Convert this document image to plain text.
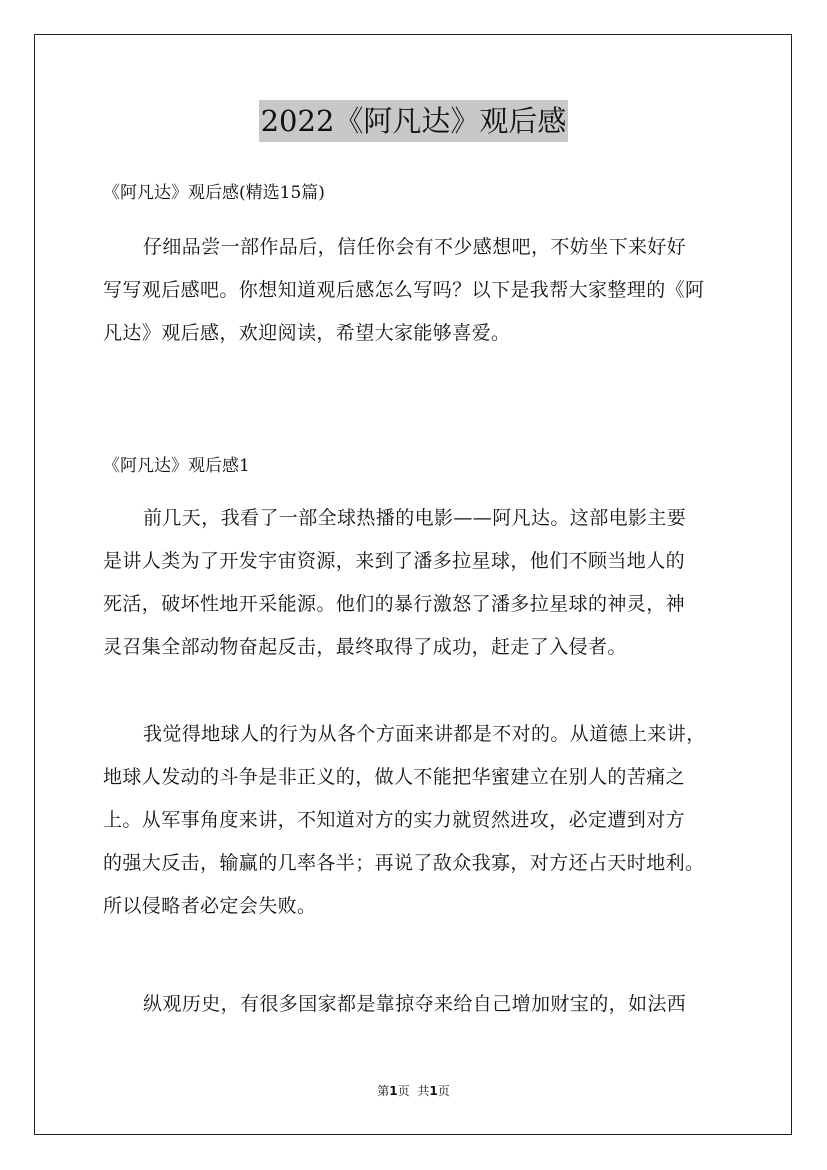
2022《阿凡达》观后感
《阿凡达》观后感(精选15篇)
仔细品尝一部作品后，信任你会有不少感想吧，不妨坐下来好好
写写观后感吧。你想知道观后感怎么写吗？以下是我帮大家整理的《阿
凡达》观后感，欢迎阅读，希望大家能够喜爱。
《阿凡达》观后感1
前几天，我看了一部全球热播的电影——阿凡达。这部电影主要
是讲人类为了开发宇宙资源，来到了潘多拉星球，他们不顾当地人的
死活，破坏性地开采能源。他们的暴行激怒了潘多拉星球的神灵，神
灵召集全部动物奋起反击，最终取得了成功，赶走了入侵者。
我觉得地球人的行为从各个方面来讲都是不对的。从道德上来讲，
地球人发动的斗争是非正义的，做人不能把华蜜建立在别人的苦痛之
上。从军事角度来讲，不知道对方的实力就贸然进攻，必定遭到对方
的强大反击，输赢的几率各半；再说了敌众我寡，对方还占天时地利。
所以侵略者必定会失败。
纵观历史，有很多国家都是靠掠夺来给自己增加财宝的，如法西
第1页 共1页
